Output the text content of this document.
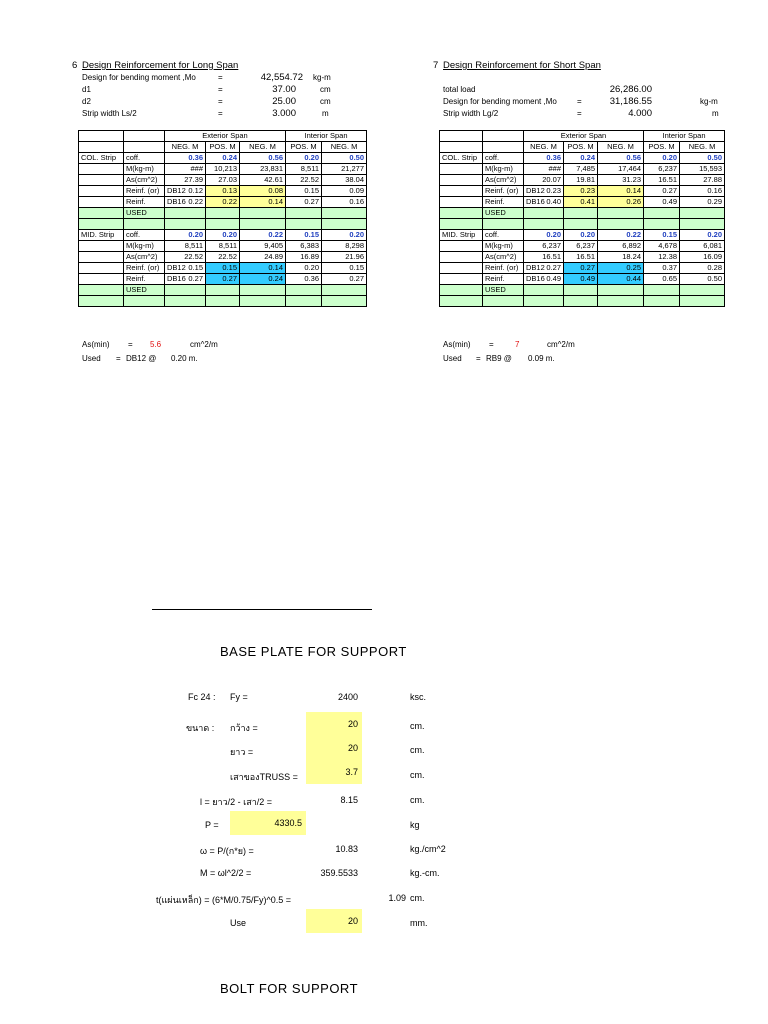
6 Design Reinforcement for Long Span
Design for bending moment ,Mo	=	42,554.72 kg-m
d1	=	37.00	cm
d2	=	25.00	cm
Strip width Ls/2	=	3.000	m
		Exterior Span			Interior Span	
		NEG. M	POS. M	NEG. M	POS. M	NEG. M
COL. Strip	coff.	0.36	0.24	0.56	0.20	0.50
	M(kg-m)	###	10,213	23,831	8,511	21,277
	As(cm^2)	27.39	27.03	42.61	22.52	38.04
	Reinf. (or)	DB12 0.12	0.13	0.08	0.15	0.09
	Reinf.	DB16 0.22	0.22	0.14	0.27	0.16
	USED					

MID. Strip	coff.	0.20	0.20	0.22	0.15	0.20
	M(kg-m)	8,511	8,511	9,405	6,383	8,298
	As(cm^2)	22.52	22.52	24.89	16.89	21.96
	Reinf. (or)	DB12 0.15	0.15	0.14	0.20	0.15
	Reinf.	DB16 0.27	0.27	0.24	0.36	0.27
	USED					

As(min) = 5.6	cm^2/m
Used = DB12 @ 0.20 m.
7 Design Reinforcement for Short Span
total load	26,286.00
Design for bending moment ,Mo	=	31,186.55	kg-m
Strip width Lg/2	=	4.000	m
		Exterior Span			Interior Span	
		NEG. M	POS. M	NEG. M	POS. M	NEG. M
COL. Strip	coff.	0.36	0.24	0.56	0.20	0.50
	M(kg-m)	###	7,485	17,464	6,237	15,593
	As(cm^2)	20.07	19.81	31.23	16.51	27.88
	Reinf. (or)	DB12 0.23	0.23	0.14	0.27	0.16
	Reinf.	DB16 0.40	0.41	0.26	0.49	0.29
	USED					

MID. Strip	coff.	0.20	0.20	0.22	0.15	0.20
	M(kg-m)	6,237	6,237	6,892	4,678	6,081
	As(cm^2)	16.51	16.51	18.24	12.38	16.09
	Reinf. (or)	DB12 0.27	0.27	0.25	0.37	0.28
	Reinf.	DB16 0.49	0.49	0.44	0.65	0.50
	USED					

As(min) =	7	cm^2/m
Used = RB9 @ 0.09 m.
BASE PLATE FOR SUPPORT
Fc 24 : Fy =	2400	ksc.
ขนาด : กว้าง =	20	cm.
ยาว =	20	cm.
เสาของTRUSS =	3.7	cm.
l = ยาว/2 - เสา/2 =	8.15	cm.
P =	4330.5	kg
ω = P/(ก*ย) =	10.83	kg./cm^2
M = ωl^2/2 =	359.5533	kg.-cm.
t(แผ่นเหล็ก) = (6*M/0.75/Fy)^0.5 =	1.09 cm.
Use	20	mm.
BOLT FOR SUPPORT
